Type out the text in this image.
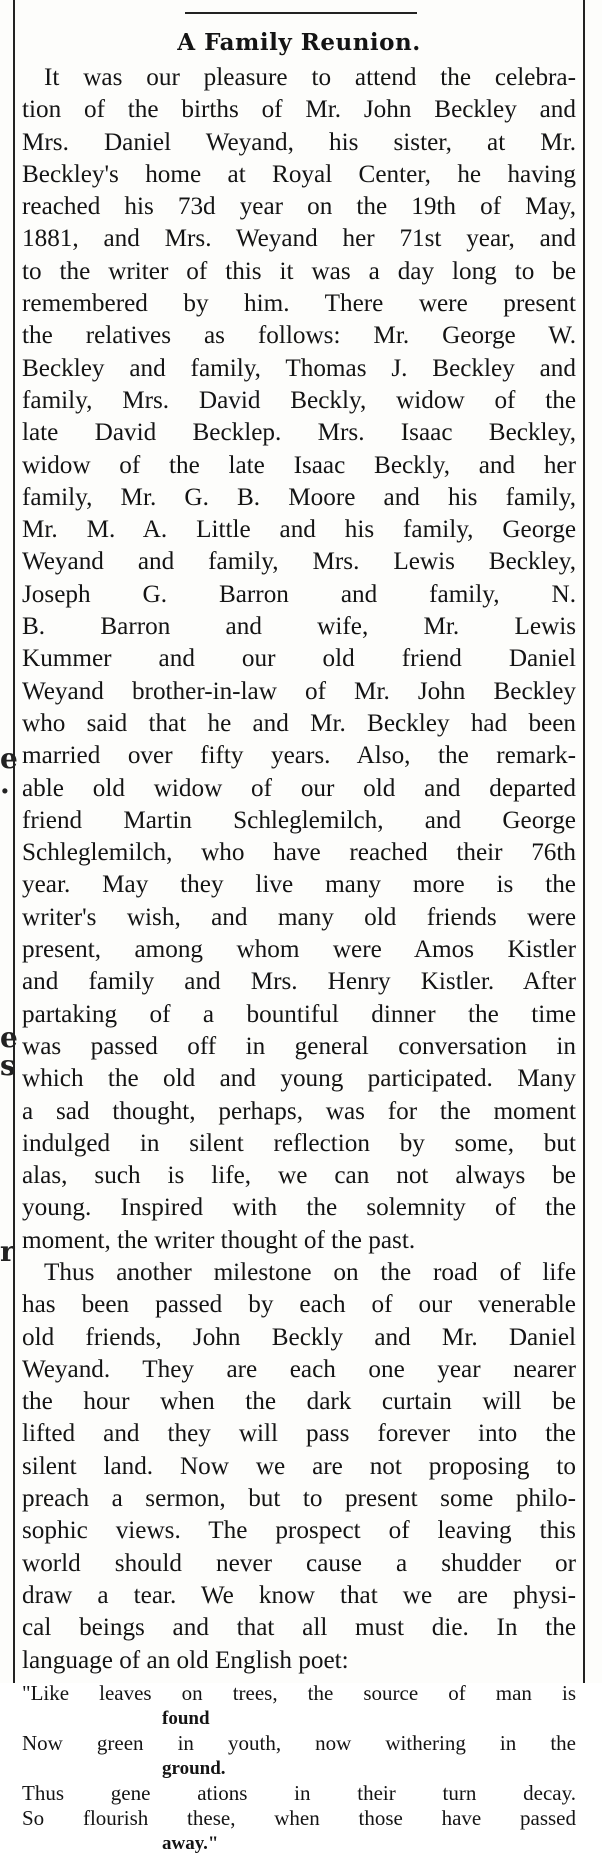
e
.
e
s
r
A Family Reunion.
It was our pleasure to attend the celebra-
tion of the births of Mr. John Beckley and
Mrs. Daniel Weyand, his sister, at Mr.
Beckley's home at Royal Center, he having
reached his 73d year on the 19th of May,
1881, and Mrs. Weyand her 71st year, and
to the writer of this it was a day long to be
remembered by him. There were present
the relatives as follows: Mr. George W.
Beckley and family, Thomas J. Beckley and
family, Mrs. David Beckly, widow of the
late David Becklep. Mrs. Isaac Beckley,
widow of the late Isaac Beckly, and her
family, Mr. G. B. Moore and his family,
Mr. M. A. Little and his family, George
Weyand and family, Mrs. Lewis Beckley,
Joseph G. Barron and family, N.
B. Barron and wife, Mr. Lewis
Kummer and our old friend Daniel
Weyand brother-in-law of Mr. John Beckley
who said that he and Mr. Beckley had been
married over fifty years. Also, the remark-
able old widow of our old and departed
friend Martin Schleglemilch, and George
Schleglemilch, who have reached their 76th
year. May they live many more is the
writer's wish, and many old friends were
present, among whom were Amos Kistler
and family and Mrs. Henry Kistler. After
partaking of a bountiful dinner the time
was passed off in general conversation in
which the old and young participated. Many
a sad thought, perhaps, was for the moment
indulged in silent reflection by some, but
alas, such is life, we can not always be
young. Inspired with the solemnity of the
moment, the writer thought of the past.
Thus another milestone on the road of life
has been passed by each of our venerable
old friends, John Beckly and Mr. Daniel
Weyand. They are each one year nearer
the hour when the dark curtain will be
lifted and they will pass forever into the
silent land. Now we are not proposing to
preach a sermon, but to present some philo-
sophic views. The prospect of leaving this
world should never cause a shudder or
draw a tear. We know that we are physi-
cal beings and that all must die. In the
language of an old English poet:
"Like leaves on trees, the source of man is
found
Now green in youth, now withering in the
ground.
Thus gene ations in their turn decay.
So flourish these, when those have passed
away."
